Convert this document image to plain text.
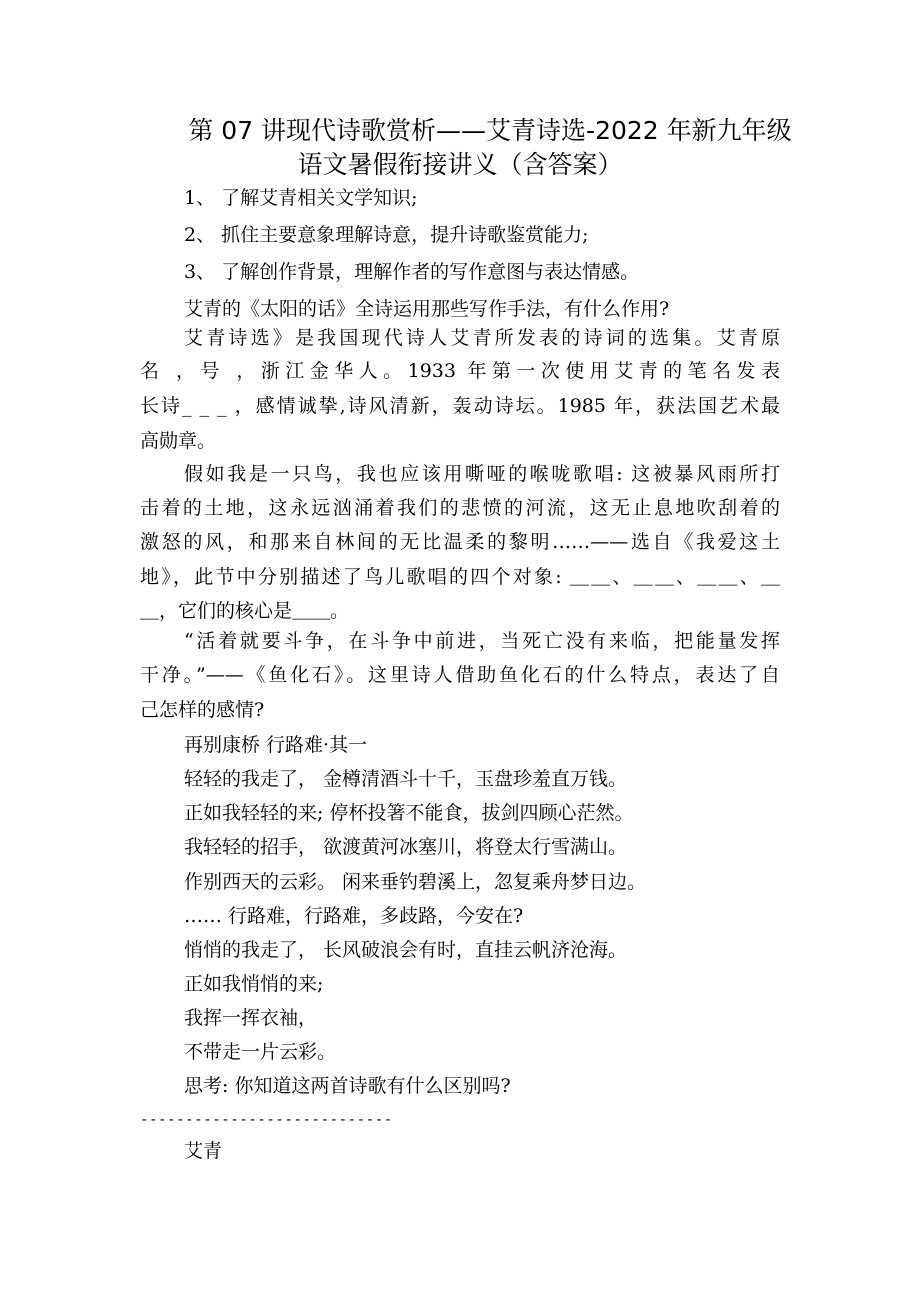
第 07 讲现代诗歌赏析——艾青诗选-2022 年新九年级
语文暑假衔接讲义（含答案）

1、 了解艾青相关文学知识;

2、 抓住主要意象理解诗意，提升诗歌鉴赏能力;

3、 了解创作背景，理解作者的写作意图与表达情感。

艾青的《太阳的话》全诗运用那些写作手法，有什么作用?

艾青诗选》是我国现代诗人艾青所发表的诗词的选集。艾青原

名 ，号 ，浙江金华人。1933 年第一次使用艾青的笔名发表

长诗_ _ _ ，感情诚挚,诗风清新，轰动诗坛。1985 年，获法国艺术最

高勋章。

假如我是一只鸟，我也应该用嘶哑的喉咙歌唱: 这被暴风雨所打

击着的土地，这永远汹涌着我们的悲愤的河流，这无止息地吹刮着的

激怒的风，和那来自林间的无比温柔的黎明……——选自《我爱这土

地》，此节中分别描述了鸟儿歌唱的四个对象: ＿＿、＿＿、＿＿、＿

＿，它们的核心是＿＿。

“活着就要斗争，在斗争中前进，当死亡没有来临，把能量发挥

干净。”——《鱼化石》。这里诗人借助鱼化石的什么特点，表达了自

己怎样的感情?

再别康桥 行路难·其一

轻轻的我走了， 金樽清酒斗十千，玉盘珍羞直万钱。

正如我轻轻的来; 停杯投箸不能食，拔剑四顾心茫然。

我轻轻的招手， 欲渡黄河冰塞川，将登太行雪满山。

作别西天的云彩。 闲来垂钓碧溪上，忽复乘舟梦日边。

…… 行路难，行路难，多歧路，今安在?

悄悄的我走了， 长风破浪会有时，直挂云帆济沧海。

正如我悄悄的来;

我挥一挥衣袖，

不带走一片云彩。

思考: 你知道这两首诗歌有什么区别吗?

----------------------------

艾青
